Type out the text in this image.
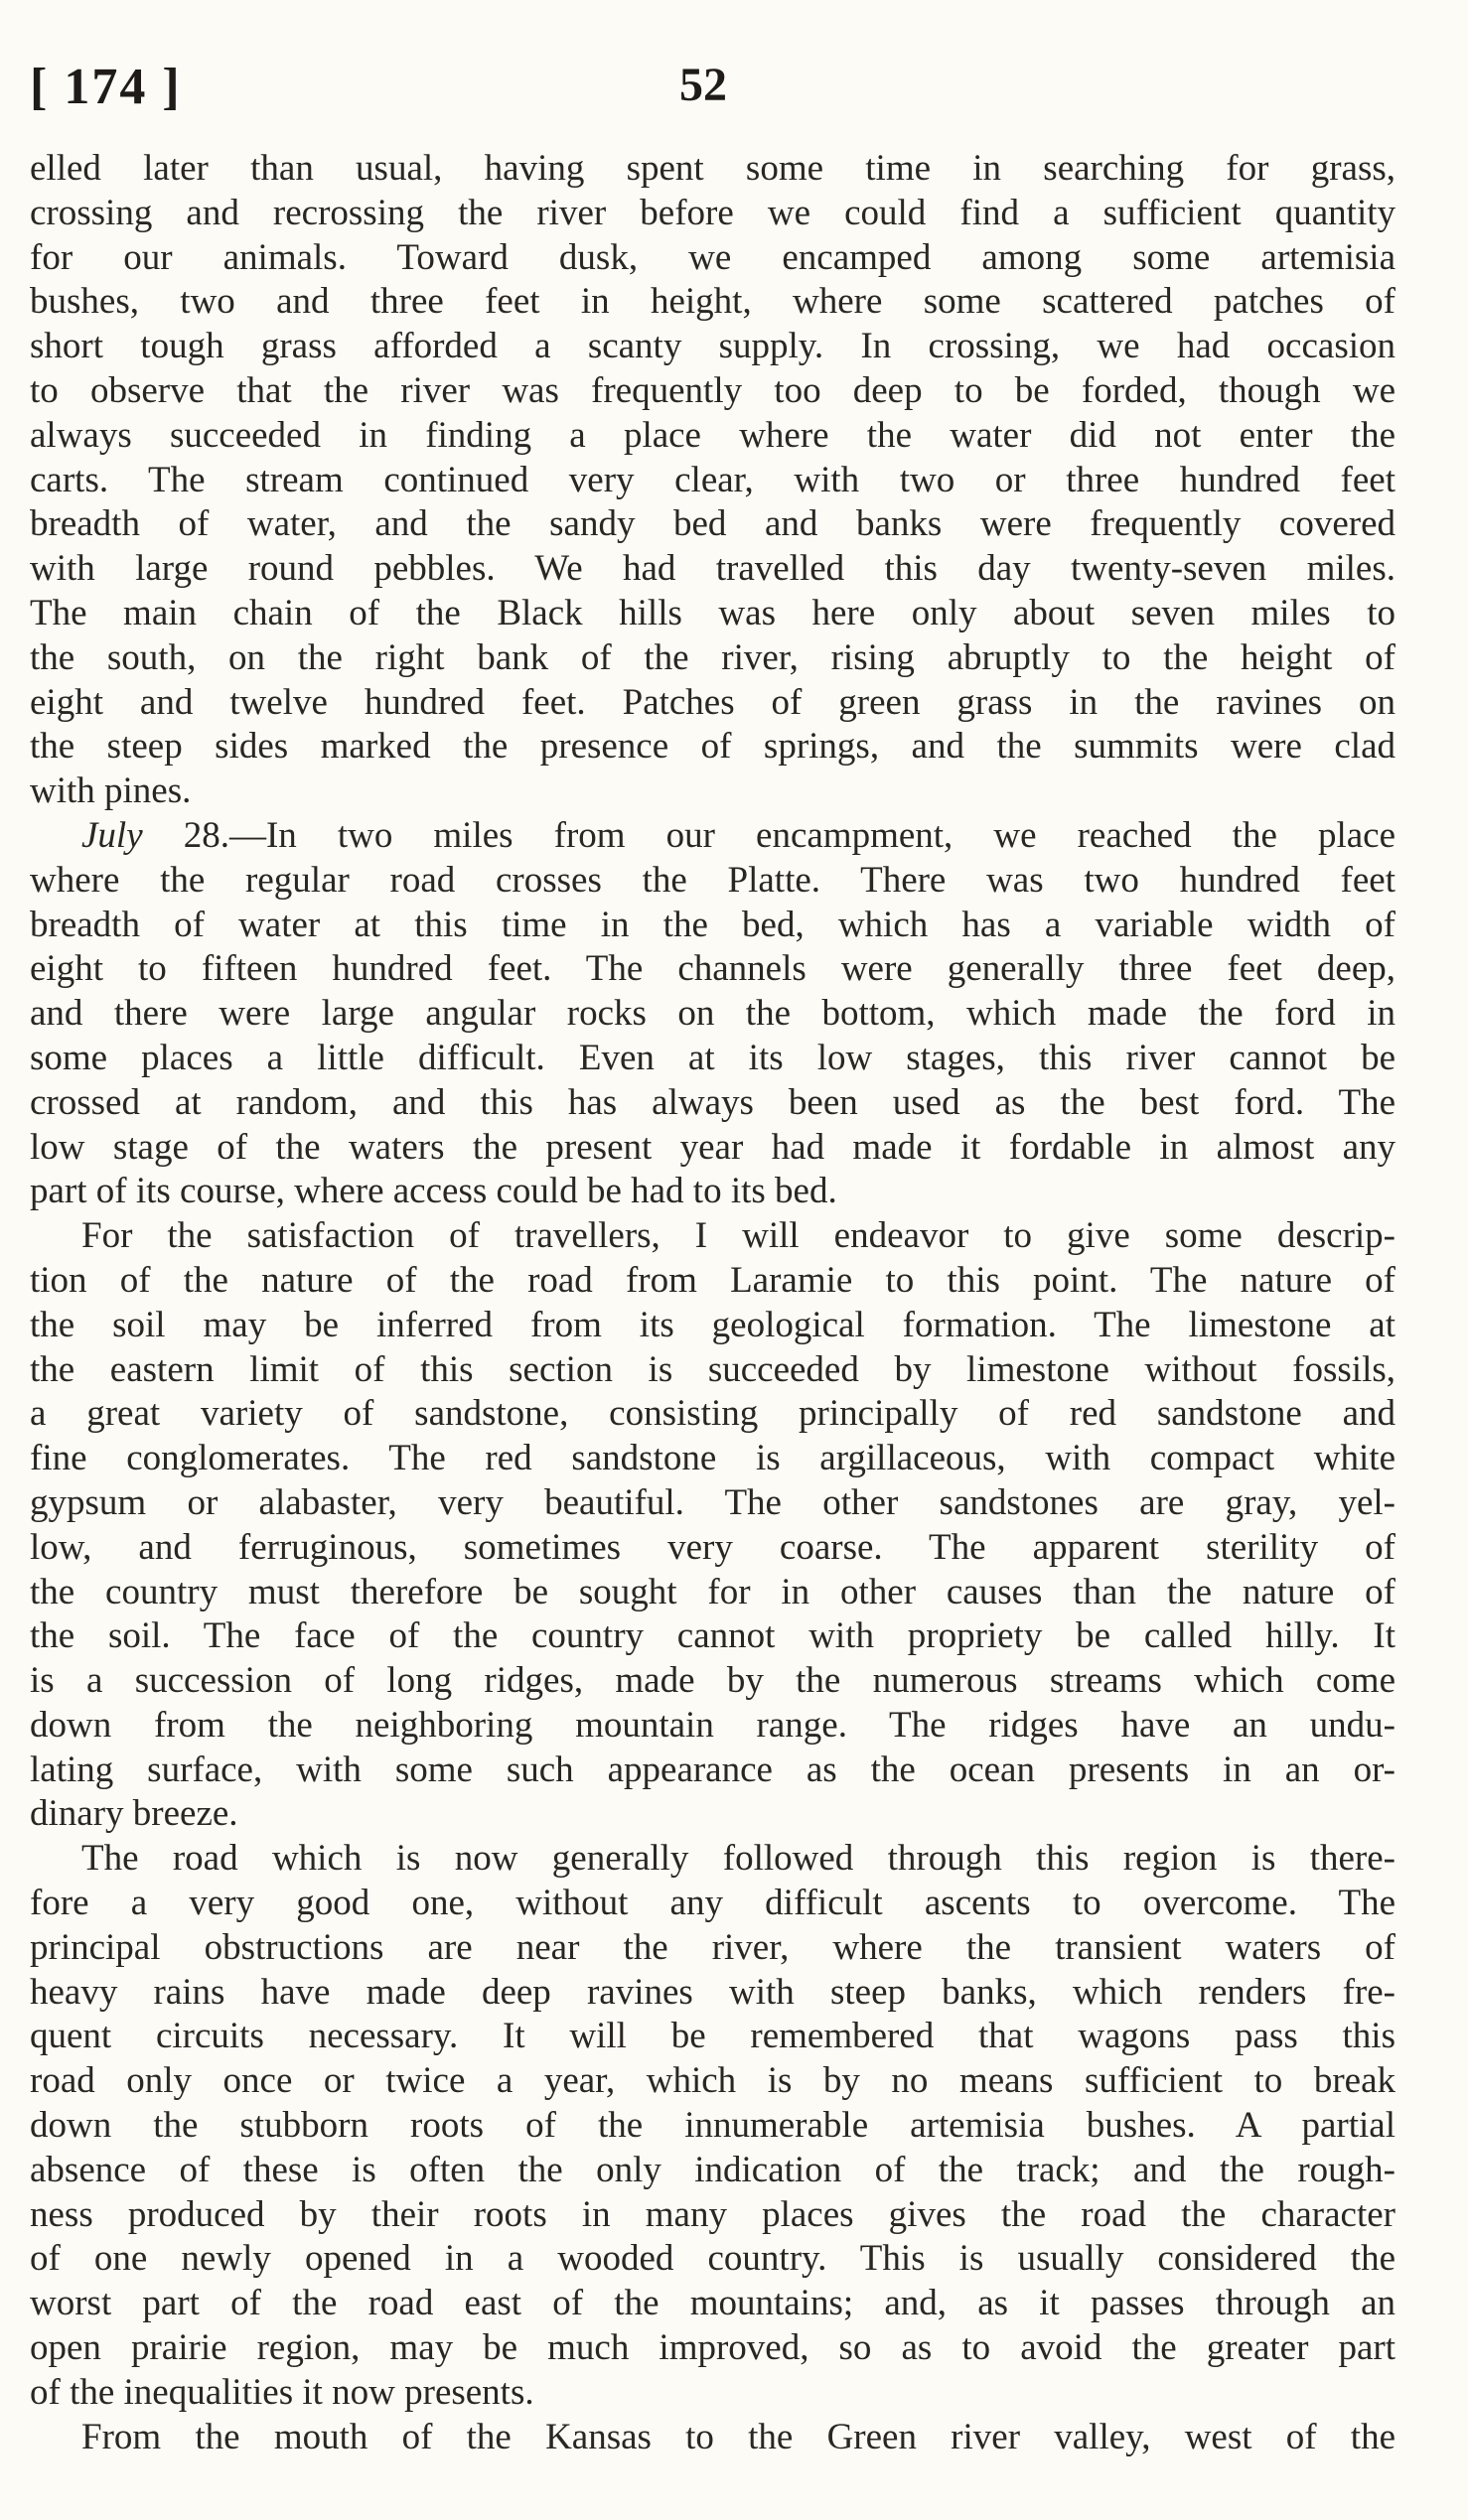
[ 174 ]	52
elled later than usual, having spent some time in searching for grass,
crossing and recrossing the river before we could find a sufficient quantity
for our animals. Toward dusk, we encamped among some artemisia
bushes, two and three feet in height, where some scattered patches of
short tough grass afforded a scanty supply. In crossing, we had occasion
to observe that the river was frequently too deep to be forded, though we
always succeeded in finding a place where the water did not enter the
carts. The stream continued very clear, with two or three hundred feet
breadth of water, and the sandy bed and banks were frequently covered
with large round pebbles. We had travelled this day twenty-seven miles.
The main chain of the Black hills was here only about seven miles to
the south, on the right bank of the river, rising abruptly to the height of
eight and twelve hundred feet. Patches of green grass in the ravines on
the steep sides marked the presence of springs, and the summits were clad
with pines.
July 28.—In two miles from our encampment, we reached the place
where the regular road crosses the Platte. There was two hundred feet
breadth of water at this time in the bed, which has a variable width of
eight to fifteen hundred feet. The channels were generally three feet deep,
and there were large angular rocks on the bottom, which made the ford in
some places a little difficult. Even at its low stages, this river cannot be
crossed at random, and this has always been used as the best ford. The
low stage of the waters the present year had made it fordable in almost any
part of its course, where access could be had to its bed.
For the satisfaction of travellers, I will endeavor to give some descrip-
tion of the nature of the road from Laramie to this point. The nature of
the soil may be inferred from its geological formation. The limestone at
the eastern limit of this section is succeeded by limestone without fossils,
a great variety of sandstone, consisting principally of red sandstone and
fine conglomerates. The red sandstone is argillaceous, with compact white
gypsum or alabaster, very beautiful. The other sandstones are gray, yel-
low, and ferruginous, sometimes very coarse. The apparent sterility of
the country must therefore be sought for in other causes than the nature of
the soil. The face of the country cannot with propriety be called hilly. It
is a succession of long ridges, made by the numerous streams which come
down from the neighboring mountain range. The ridges have an undu-
lating surface, with some such appearance as the ocean presents in an or-
dinary breeze.
The road which is now generally followed through this region is there-
fore a very good one, without any difficult ascents to overcome. The
principal obstructions are near the river, where the transient waters of
heavy rains have made deep ravines with steep banks, which renders fre-
quent circuits necessary. It will be remembered that wagons pass this
road only once or twice a year, which is by no means sufficient to break
down the stubborn roots of the innumerable artemisia bushes. A partial
absence of these is often the only indication of the track; and the rough-
ness produced by their roots in many places gives the road the character
of one newly opened in a wooded country. This is usually considered the
worst part of the road east of the mountains; and, as it passes through an
open prairie region, may be much improved, so as to avoid the greater part
of the inequalities it now presents.
From the mouth of the Kansas to the Green river valley, west of the
